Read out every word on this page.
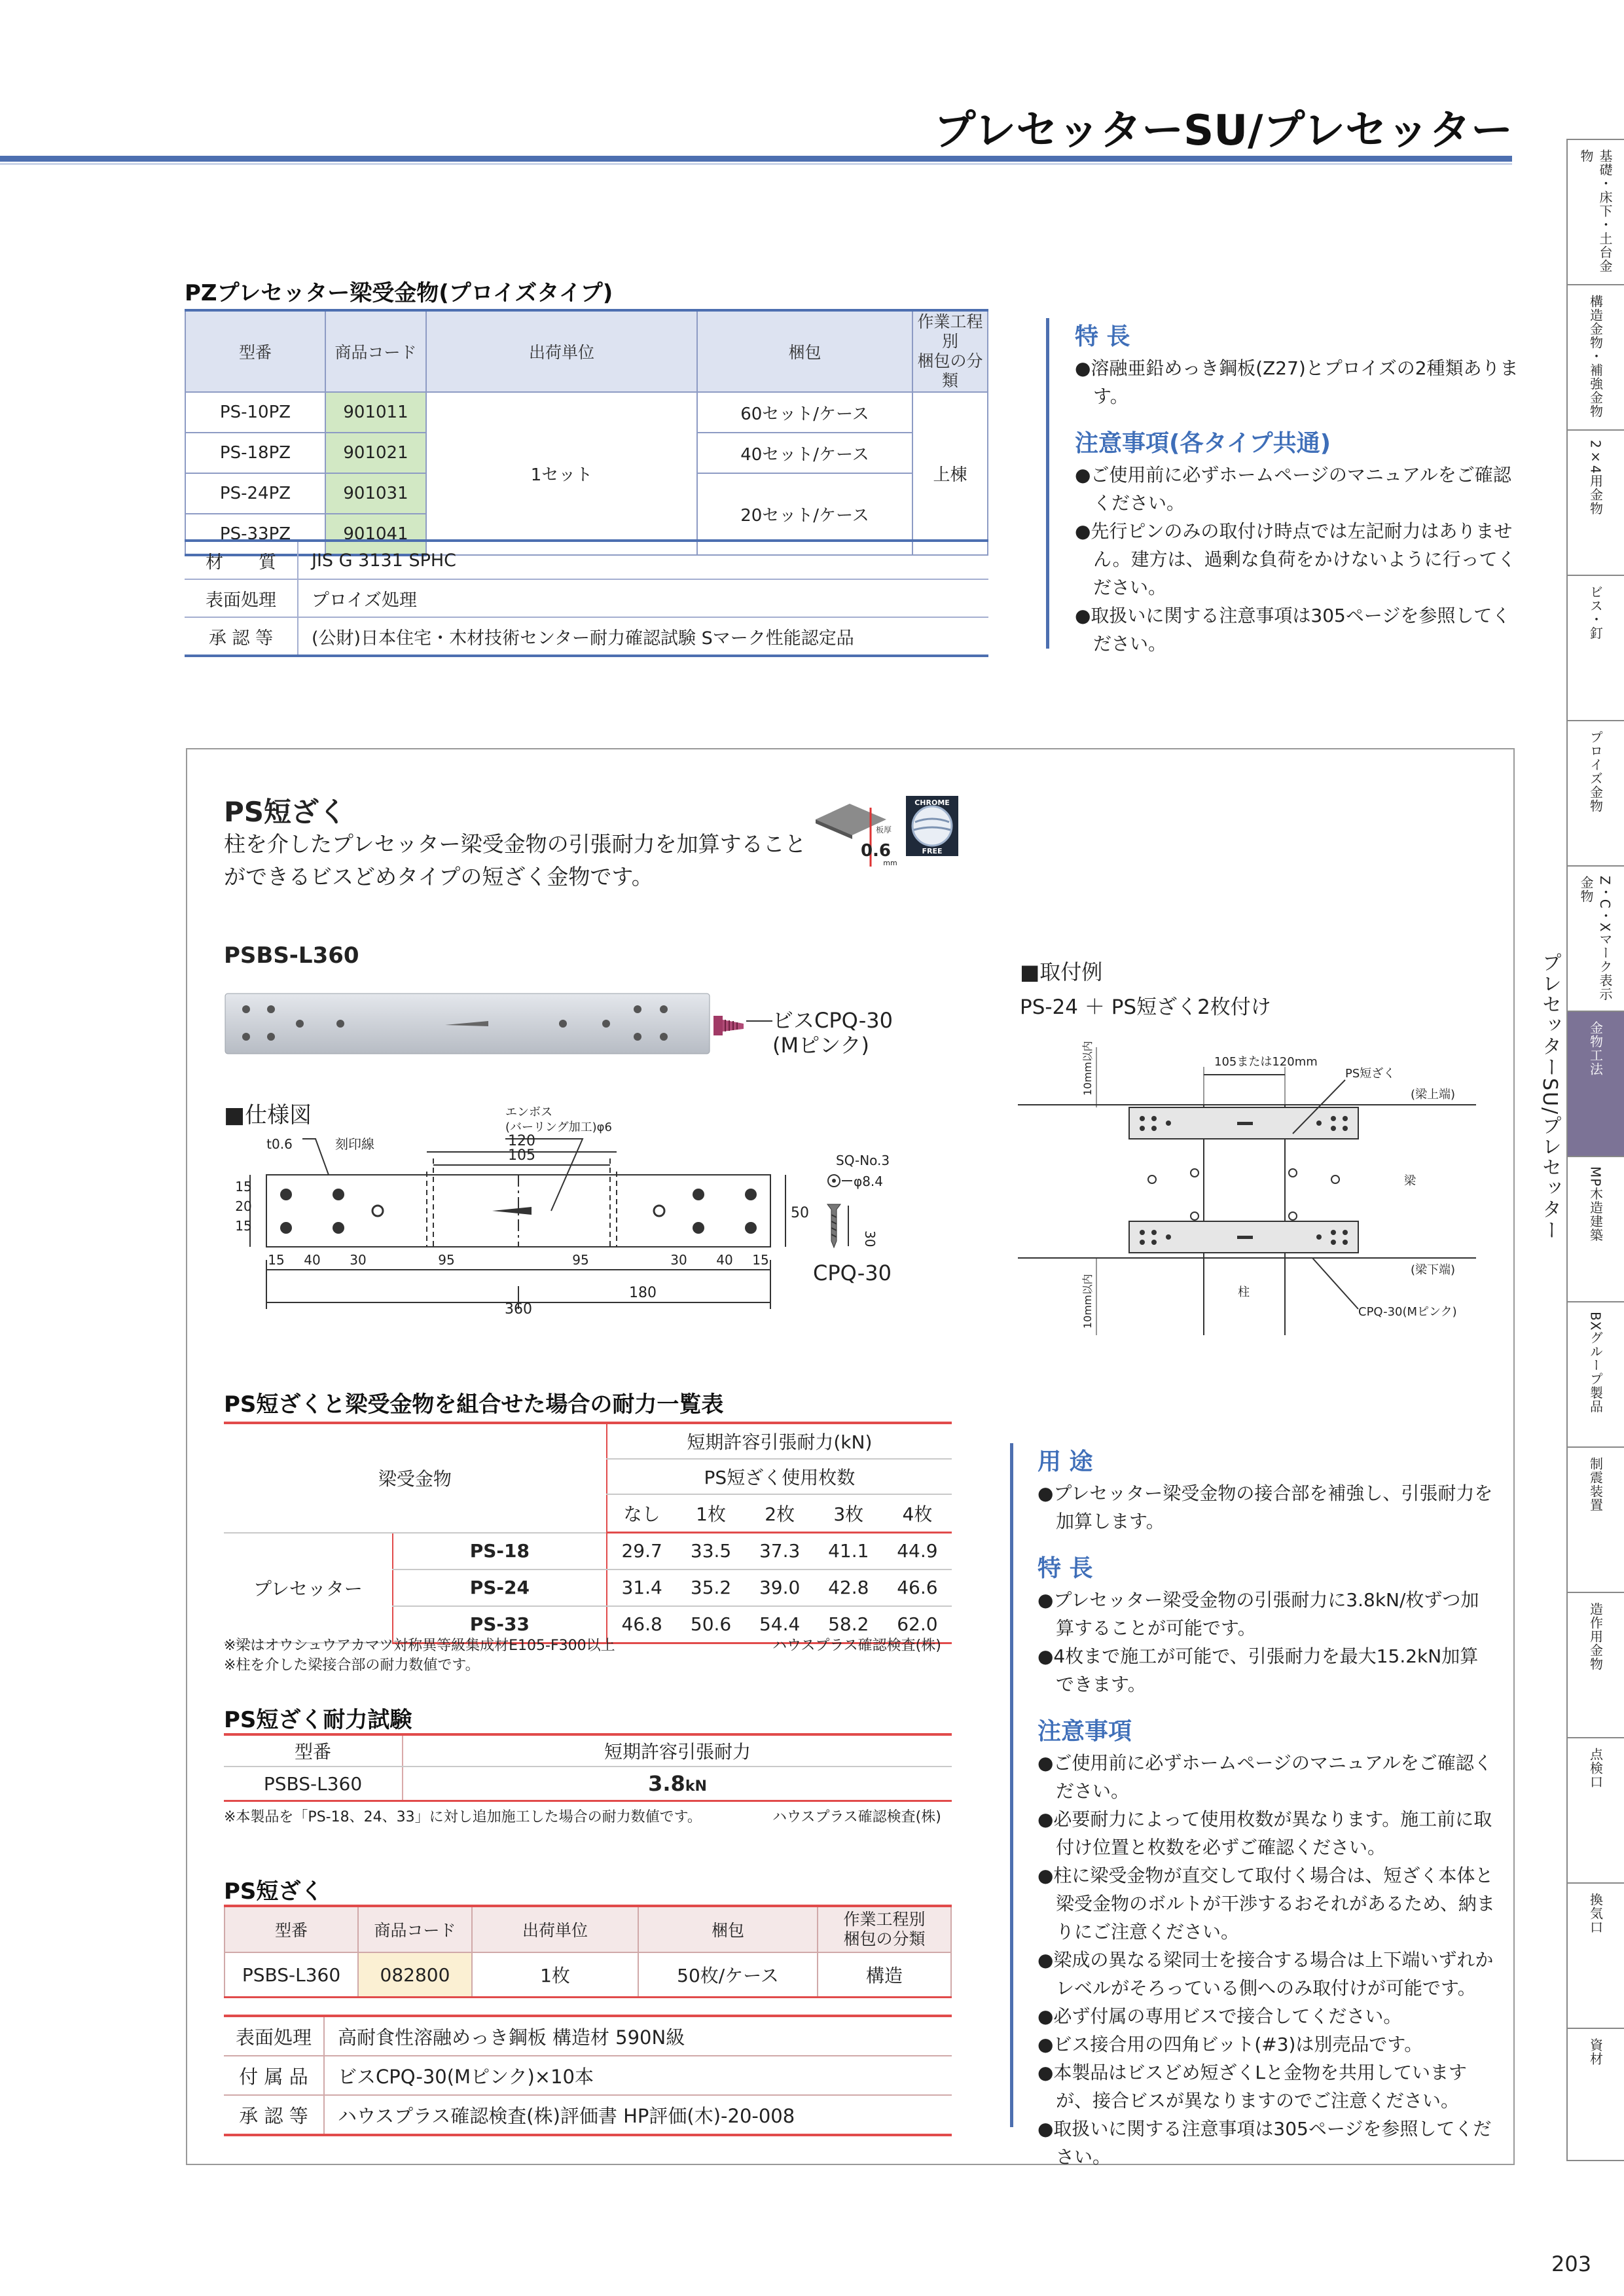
プレセッターSU/プレセッター
基礎・床下・土台金物
構造金物・補強金物
2×4用金物
ビス・釘
プロイズ金物
Z・C・Xマーク表示金物
金物工法
MP木造建築
BXグループ製品
制震装置
造作用金物
点検口
換気口
資材
プレセッターSU/プレセッター
PZプレセッター梁受金物(プロイズタイプ)
型番	商品コード	出荷単位	梱包	作業工程別
梱包の分類
PS-10PZ	901011	1セット	60セット/ケース	上棟
PS-18PZ	901021		40セット/ケース	
PS-24PZ	901031		20セット/ケース	
PS-33PZ	901041			
材　　質	JIS G 3131 SPHC
表面処理	プロイズ処理
承 認 等	(公財)日本住宅・木材技術センター耐力確認試験 Sマーク性能認定品
特 長

●溶融亜鉛めっき鋼板(Z27)とプロイズの2種類あります。

注意事項(各タイプ共通)

●ご使用前に必ずホームページのマニュアルをご確認ください。

●先行ピンのみの取付け時点では左記耐力はありません。建方は、過剰な負荷をかけないように行ってください。

●取扱いに関する注意事項は305ページを参照してください。

PS短ざく
柱を介したプレセッター梁受金物の引張耐力を加算することができるビスどめタイプの短ざく金物です。
板厚
0.6
mm
CHROME
FREE
PSBS-L360
ビスCPQ-30
(Mピンク)
■仕様図
t0.6	刻印線
エンボス
(バーリング加工)φ6
120
105
50
360
180
15
20
15
15 40 30	95	95	30 40 15
SQ-No.3
φ8.4
30
CPQ-30
■取付例
PS-24 ＋ PS短ざく2枚付け
105または120mm
10mm以内
10mm以内
PS短ざく
(梁上端)
梁
(梁下端)
柱
CPQ-30(Mピンク)
PS短ざくと梁受金物を組合せた場合の耐力一覧表
梁受金物		短期許容引張耐力(kN)				
		PS短ざく使用枚数				
		なし	1枚	2枚	3枚	4枚
プレセッター	PS-18	29.7	33.5	37.3	41.1	44.9
	PS-24	31.4	35.2	39.0	42.8	46.6
	PS-33	46.8	50.6	54.4	58.2	62.0
※梁はオウシュウアカマツ対称異等級集成材E105-F300以上
※柱を介した梁接合部の耐力数値です。
ハウスプラス確認検査(株)
PS短ざく耐力試験
型番	短期許容引張耐力
PSBS-L360	3.8kN
※本製品を「PS-18、24、33」に対し追加施工した場合の耐力数値です。	ハウスプラス確認検査(株)
PS短ざく
型番	商品コード	出荷単位	梱包	作業工程別
梱包の分類
PSBS-L360	082800	1枚	50枚/ケース	構造
表面処理	高耐食性溶融めっき鋼板 構造材 590N級
付 属 品	ビスCPQ-30(Mピンク)×10本
承 認 等	ハウスプラス確認検査(株)評価書 HP評価(木)-20-008
用 途

●プレセッター梁受金物の接合部を補強し、引張耐力を加算します。

特 長

●プレセッター梁受金物の引張耐力に3.8kN/枚ずつ加算することが可能です。

●4枚まで施工が可能で、引張耐力を最大15.2kN加算できます。

注意事項

●ご使用前に必ずホームページのマニュアルをご確認ください。

●必要耐力によって使用枚数が異なります。施工前に取付け位置と枚数を必ずご確認ください。

●柱に梁受金物が直交して取付く場合は、短ざく本体と梁受金物のボルトが干渉するおそれがあるため、納まりにご注意ください。

●梁成の異なる梁同士を接合する場合は上下端いずれかレベルがそろっている側へのみ取付けが可能です。

●必ず付属の専用ビスで接合してください。

●ビス接合用の四角ビット(#3)は別売品です。

●本製品はビスどめ短ざくLと金物を共用していますが、接合ビスが異なりますのでご注意ください。

●取扱いに関する注意事項は305ページを参照してください。

203
